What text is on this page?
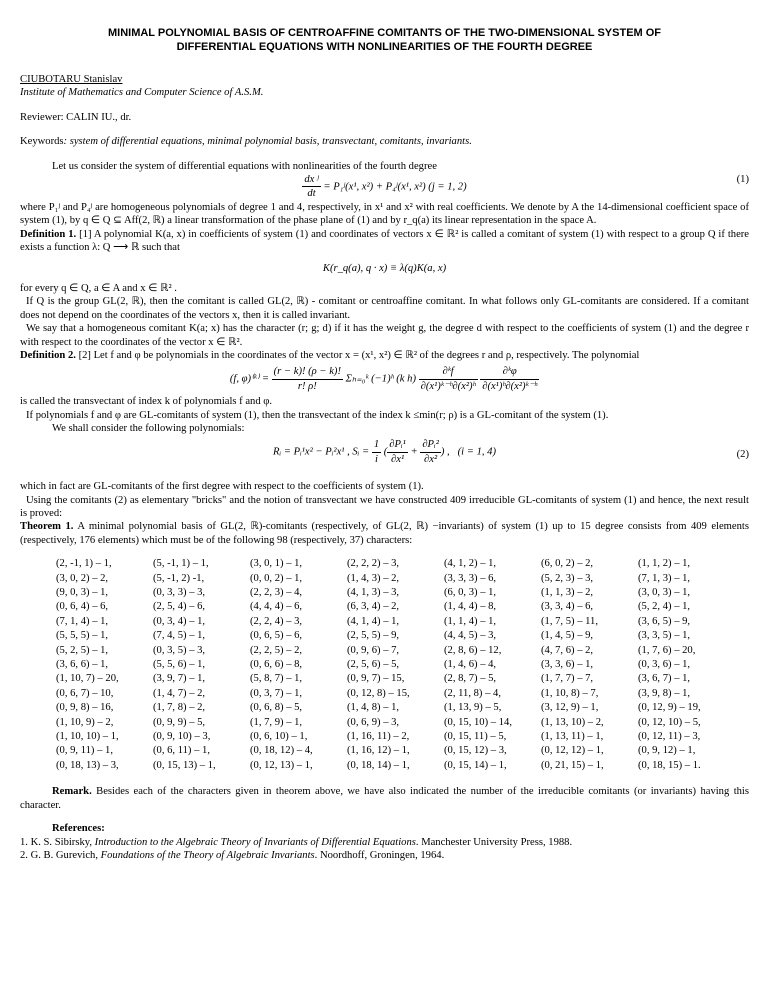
MINIMAL POLYNOMIAL BASIS OF CENTROAFFINE COMITANTS OF THE TWO-DIMENSIONAL SYSTEM OF
DIFFERENTIAL EQUATIONS WITH NONLINEARITIES OF THE FOURTH DEGREE
CIUBOTARU Stanislav
Institute of Mathematics and Computer Science of A.S.M.
Reviewer: CALIN IU., dr.
Keywords: system of differential equations, minimal polynomial basis, transvectant, comitants, invariants.

Let us consider the system of differential equations with nonlinearities of the fourth degree

$\frac{\text{dx ʲ}}{dt}$ = P₁ʲ(x¹, x²) + P₄ʲ(x¹, x²) (j = 1, 2)
(1)

where P₁ʲ and P₄ʲ are homogeneous polynomials of degree 1 and 4, respectively, in x¹ and x² with real coefficients. We denote by A the 14-dimensional coefficient space of system (1), by q ∈ Q ⊆ Aff(2, ℝ) a linear transformation of the phase plane of (1) and by r_q(a) its linear representation in the space A.

Definition 1. [1] A polynomial K(a, x) in coefficients of system (1) and coordinates of vectors x ∈ ℝ² is called a comitant of system (1) with respect to a group Q if there exists a function λ: Q ⟶ ℝ such that

K(r_q(a), q · x) ≡ λ(q)K(a, x)

for every q ∈ Q, a ∈ A and x ∈ ℝ² .

If Q is the group GL(2, ℝ), then the comitant is called GL(2, ℝ) - comitant or centroaffine comitant. In what follows only GL-comitants are considered. If a comitant does not depend on the coordinates of the vectors x, then it is called invariant.

We say that a homogeneous comitant K(a; x) has the character (r; g; d) if it has the weight g, the degree d with respect to the coefficients of system (1) and the degree r with respect to the coordinates of the vector x ∈ ℝ².

Definition 2. [2] Let f and φ be polynomials in the coordinates of the vector x = (x¹, x²) ∈ ℝ² of the degrees r and ρ, respectively. The polynomial

(f, φ)⁽ᵏ⁾ = $\frac{(r - k)! (\rho - k)!}{r! \rho!}$ Σₕ₌₀ᵏ (−1)ʰ (k $h) \frac{\text{∂ᵏf}}{\text{∂(x¹)ᵏ⁻ʰ∂(x²)ʰ}}$
$\frac{\text{∂ᵏφ}}{\text{∂(x¹)ʰ∂(x²)ᵏ⁻ʰ}}$

is called the transvectant of index k of polynomials f and φ.

If polynomials f and φ are GL-comitants of system (1), then the transvectant of the index k ≤min(r; ρ) is a GL-comitant of the system (1).

We shall consider the following polynomials:

Rᵢ = Pᵢ¹x² − Pᵢ²x¹ , Sᵢ = $\frac{1}{i}$ ( $\frac{\text{∂Pᵢ¹}}{\text{∂x¹}} + \frac{\text{∂Pᵢ²}}{\text{∂x²}}$ ) ,   (i = 1, 4)	(2)

which in fact are GL-comitants of the first degree with respect to the coefficients of system (1).

Using the comitants (2) as elementary "bricks" and the notion of transvectant we have constructed 409 irreducible GL-comitants of system (1) and hence, the next result is proved:

Theorem 1. A minimal polynomial basis of GL(2, ℝ)-comitants (respectively, of GL(2, ℝ) −invariants) of system (1) up to 15 degree consists from 409 elements (respectively, 176 elements) which must be of the following 98 (respectively, 37) characters:

(2, -1, 1) – 1,
(3, 0, 2) – 2,
(9, 0, 3) – 1,
(0, 6, 4) – 6,
(7, 1, 4) – 1,
(5, 5, 5) – 1,
(5, 2, 5) – 1,
(3, 6, 6) – 1,
(1, 10, 7) – 20,
(0, 6, 7) – 10,
(0, 9, 8) – 16,
(1, 10, 9) – 2,
(1, 10, 10) – 1,
(0, 9, 11) – 1,
(0, 18, 13) – 3,
(5, -1, 1) – 1,
(5, -1, 2) -1,
(0, 3, 3) – 3,
(2, 5, 4) – 6,
(0, 3, 4) – 1,
(7, 4, 5) – 1,
(0, 3, 5) – 3,
(5, 5, 6) – 1,
(3, 9, 7) – 1,
(1, 4, 7) – 2,
(1, 7, 8) – 2,
(0, 9, 9) – 5,
(0, 9, 10) – 3,
(0, 6, 11) – 1,
(0, 15, 13) – 1,
(3, 0, 1) – 1,
(0, 0, 2) – 1,
(2, 2, 3) – 4,
(4, 4, 4) – 6,
(2, 2, 4) – 3,
(0, 6, 5) – 6,
(2, 2, 5) – 2,
(0, 6, 6) – 8,
(5, 8, 7) – 1,
(0, 3, 7) – 1,
(0, 6, 8) – 5,
(1, 7, 9) – 1,
(0, 6, 10) – 1,
(0, 18, 12) – 4,
(0, 12, 13) – 1,
(2, 2, 2) – 3,
(1, 4, 3) – 2,
(4, 1, 3) – 3,
(6, 3, 4) – 2,
(4, 1, 4) – 1,
(2, 5, 5) – 9,
(0, 9, 6) – 7,
(2, 5, 6) – 5,
(0, 9, 7) – 15,
(0, 12, 8) – 15,
(1, 4, 8) – 1,
(0, 6, 9) – 3,
(1, 16, 11) – 2,
(1, 16, 12) – 1,
(0, 18, 14) – 1,
(4, 1, 2) – 1,
(3, 3, 3) – 6,
(6, 0, 3) – 1,
(1, 4, 4) – 8,
(1, 1, 4) – 1,
(4, 4, 5) – 3,
(2, 8, 6) – 12,
(1, 4, 6) – 4,
(2, 8, 7) – 5,
(2, 11, 8) – 4,
(1, 13, 9) – 5,
(0, 15, 10) – 14,
(0, 15, 11) – 5,
(0, 15, 12) – 3,
(0, 15, 14) – 1,
(6, 0, 2) – 2,
(5, 2, 3) – 3,
(1, 1, 3) – 2,
(3, 3, 4) – 6,
(1, 7, 5) – 11,
(1, 4, 5) – 9,
(4, 7, 6) – 2,
(3, 3, 6) – 1,
(1, 7, 7) – 7,
(1, 10, 8) – 7,
(3, 12, 9) – 1,
(1, 13, 10) – 2,
(1, 13, 11) – 1,
(0, 12, 12) – 1,
(0, 21, 15) – 1,
(1, 1, 2) – 1,
(7, 1, 3) – 1,
(3, 0, 3) – 1,
(5, 2, 4) – 1,
(3, 6, 5) – 9,
(3, 3, 5) – 1,
(1, 7, 6) – 20,
(0, 3, 6) – 1,
(3, 6, 7) – 1,
(3, 9, 8) – 1,
(0, 12, 9) – 19,
(0, 12, 10) – 5,
(0, 12, 11) – 3,
(0, 9, 12) – 1,
(0, 18, 15) – 1.

Remark. Besides each of the characters given in theorem above, we have also indicated the number of the irreducible comitants (or invariants) having this character.

References:

1. K. S. Sibirsky, Introduction to the Algebraic Theory of Invariants of Differential Equations. Manchester University Press, 1988.

2. G. B. Gurevich, Foundations of the Theory of Algebraic Invariants. Noordhoff, Groningen, 1964.
